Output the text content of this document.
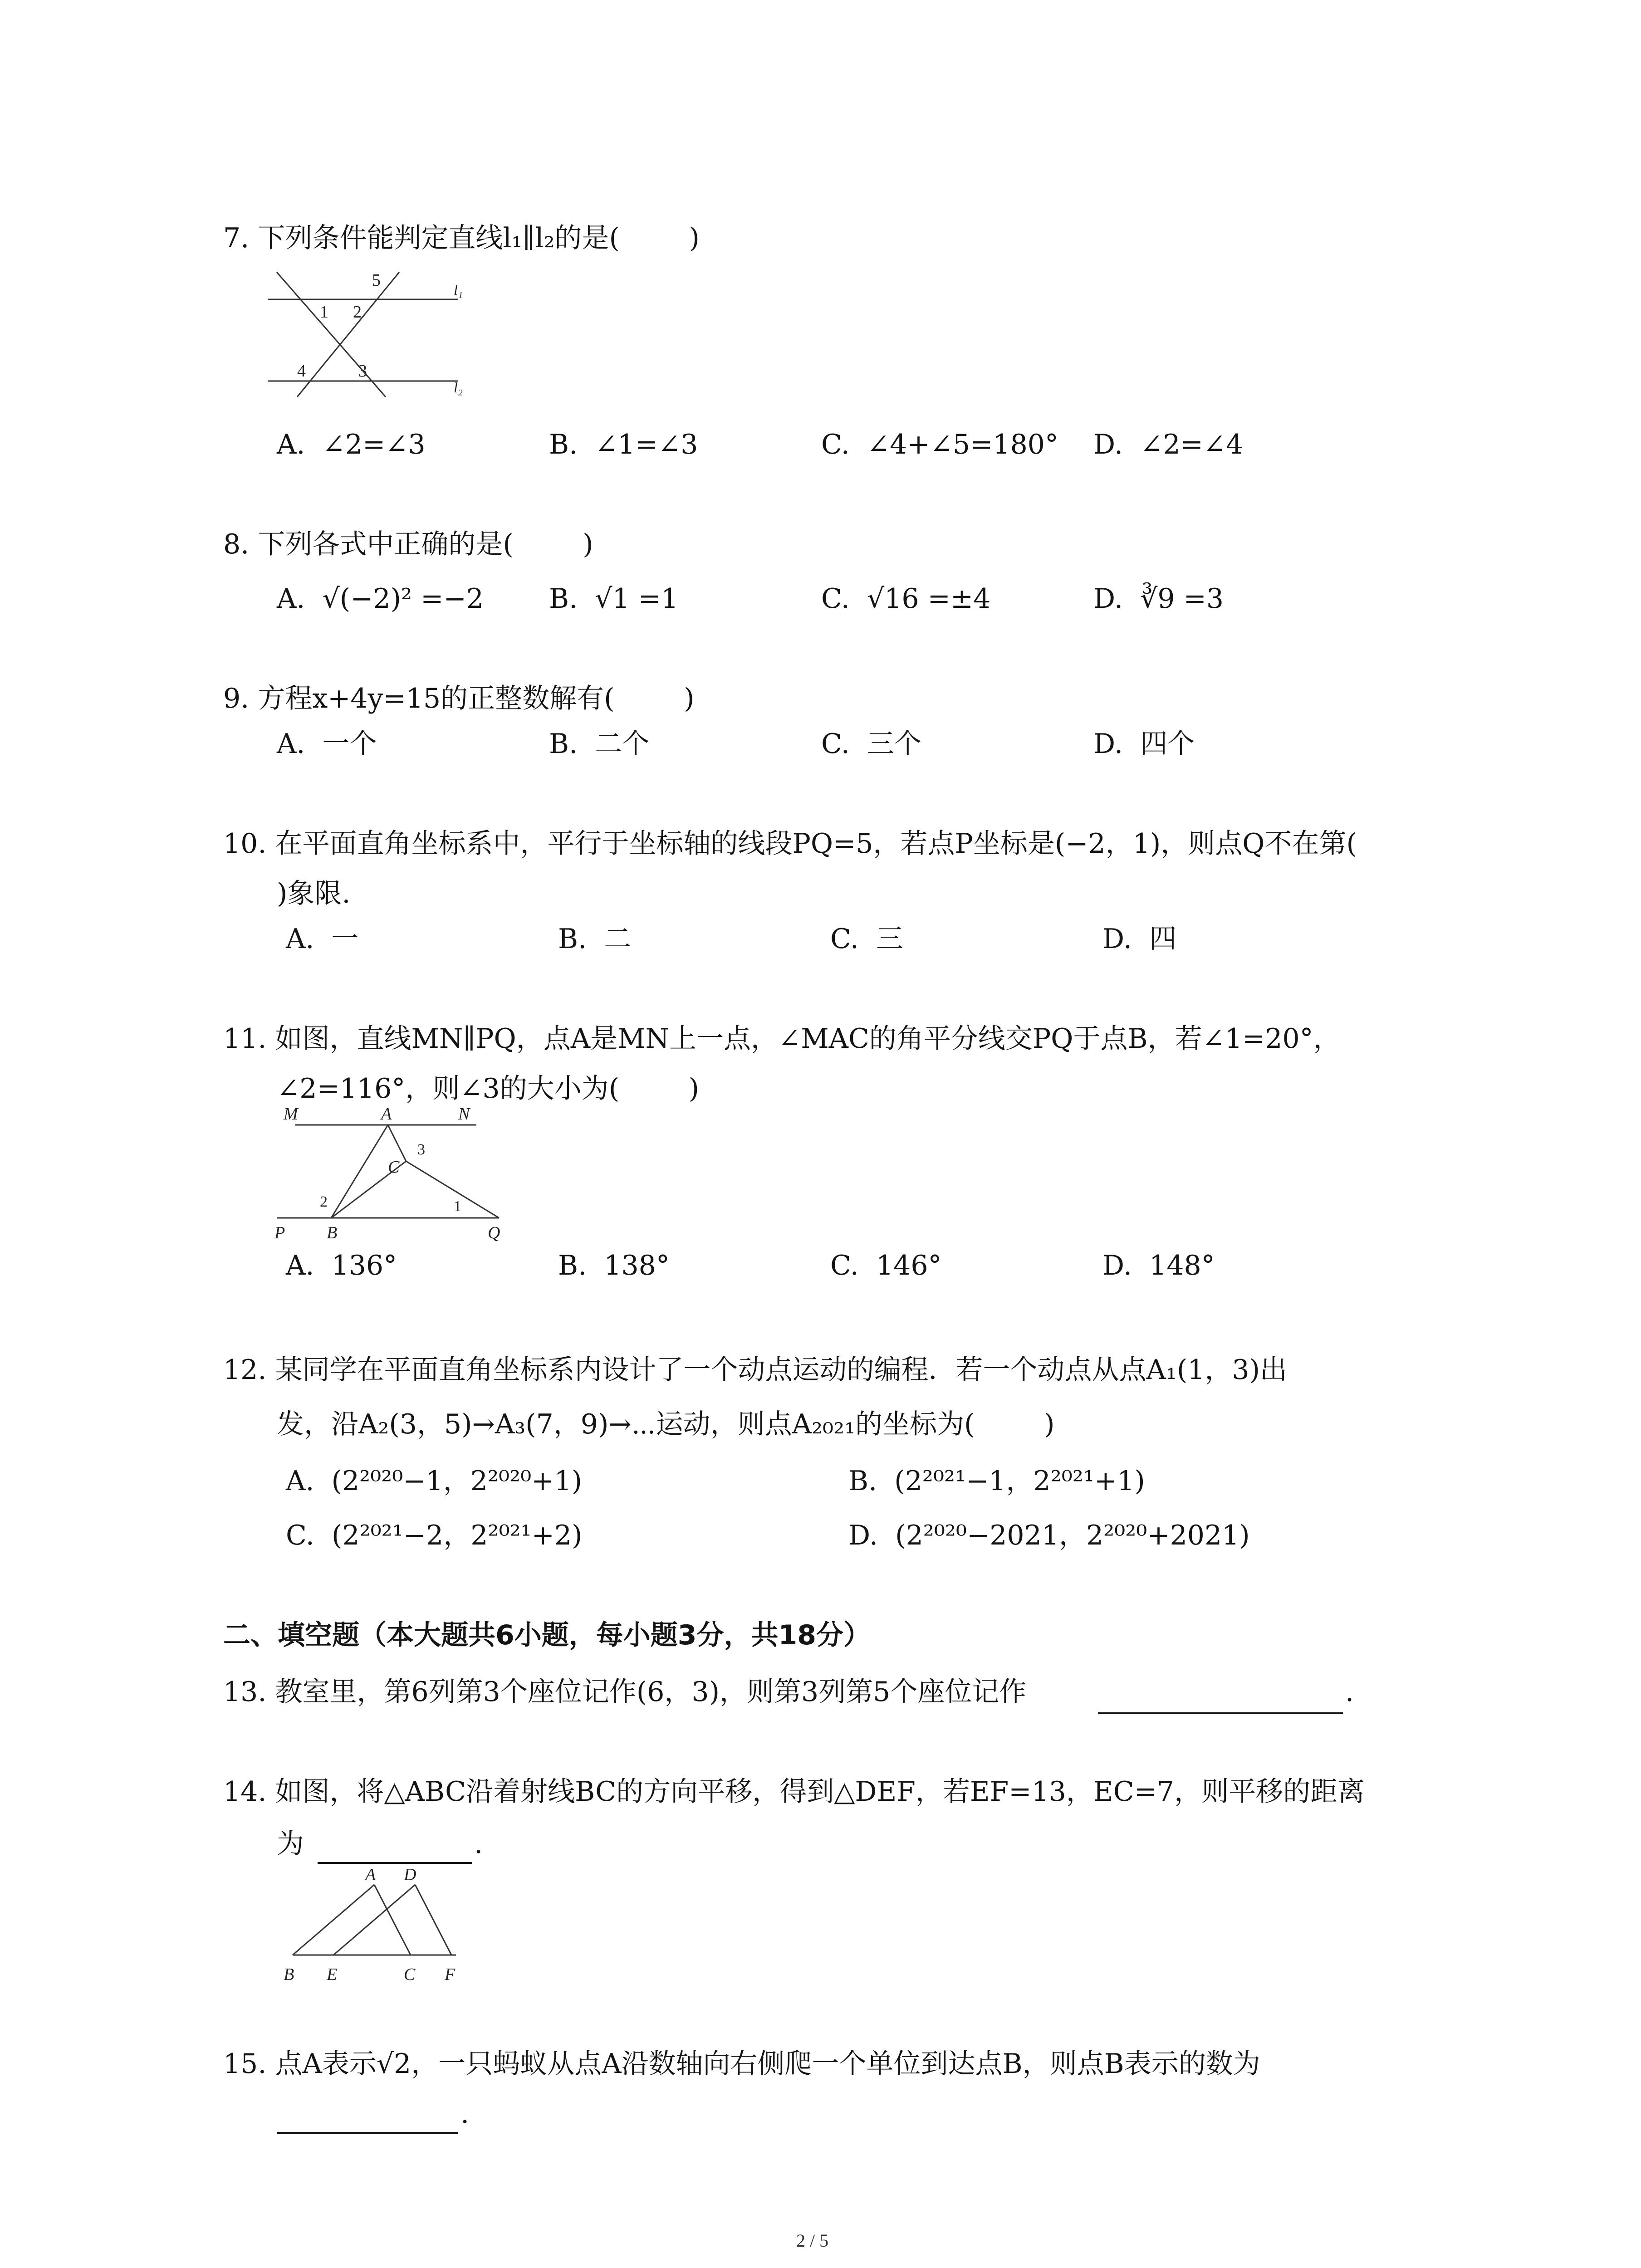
7. 下列条件能判定直线l₁∥l₂的是(        )
1 2
5
4	3
l₁
l₂
A.  ∠2=∠3	B.  ∠1=∠3	C.  ∠4+∠5=180° D.  ∠2=∠4
8. 下列各式中正确的是(        )
A.  √(−2)² =−2 B.  √1 =1	C.  √16 =±4	D.  ∛9 =3
9. 方程x+4y=15的正整数解有(        )
A.  一个	B.  二个	C.  三个	D.  四个
10. 在平面直角坐标系中，平行于坐标轴的线段PQ=5，若点P坐标是(−2，1)，则点Q不在第(
)象限.
A.  一	B.  二	C.  三	D.  四
11. 如图，直线MN∥PQ，点A是MN上一点，∠MAC的角平分线交PQ于点B，若∠1=20°，
∠2=116°，则∠3的大小为(        )
M	A	N
C
3
2	1
P B	Q
A.  136°	B.  138°	C.  146°	D.  148°
12. 某同学在平面直角坐标系内设计了一个动点运动的编程．若一个动点从点A₁(1，3)出
发，沿A₂(3，5)→A₃(7，9)→⋯运动，则点A₂₀₂₁的坐标为(        )
A.  (2²⁰²⁰−1，2²⁰²⁰+1)	B.  (2²⁰²¹−1，2²⁰²¹+1)
C.  (2²⁰²¹−2，2²⁰²¹+2)	D.  (2²⁰²⁰−2021，2²⁰²⁰+2021)
二、填空题（本大题共6小题，每小题3分，共18分）
13. 教室里，第6列第3个座位记作(6，3)，则第3列第5个座位记作	.
14. 如图，将△ABC沿着射线BC的方向平移，得到△DEF，若EF=13，EC=7，则平移的距离
为	.
A D
B E	C F
15. 点A表示√2，一只蚂蚁从点A沿数轴向右侧爬一个单位到达点B，则点B表示的数为
.
2 / 5
